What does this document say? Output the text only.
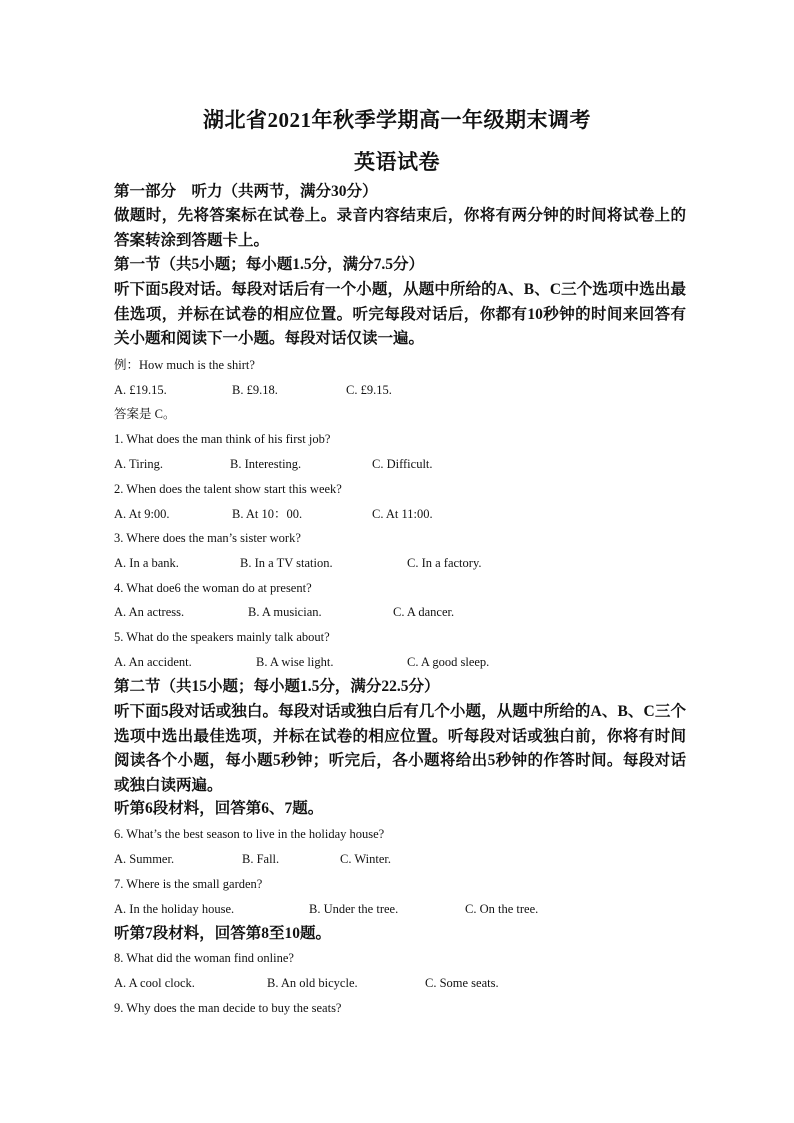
湖北省2021年秋季学期高一年级期末调考
英语试卷
第一部分　听力（共两节，满分30分）
做题时，先将答案标在试卷上。录音内容结束后，你将有两分钟的时间将试卷上的答案转涂到答题卡上。
第一节（共5小题；每小题1.5分，满分7.5分）
听下面5段对话。每段对话后有一个小题，从题中所给的A、B、C三个选项中选出最佳选项，并标在试卷的相应位置。听完每段对话后，你都有10秒钟的时间来回答有关小题和阅读下一小题。每段对话仅读一遍。
例：How much is the shirt?
A. £19.15.	B. £9.18.	C. £9.15.
答案是 C。
1. What does the man think of his first job?
A. Tiring.	B. Interesting.	C. Difficult.
2. When does the talent show start this week?
A. At 9:00.	B. At 10：00.	C. At 11:00.
3. Where does the man’s sister work?
A. In a bank.	B. In a TV station.	C. In a factory.
4. What doe6 the woman do at present?
A. An actress.	B. A musician.	C. A dancer.
5. What do the speakers mainly talk about?
A. An accident.	B. A wise light.	C. A good sleep.
第二节（共15小题；每小题1.5分，满分22.5分）
听下面5段对话或独白。每段对话或独白后有几个小题，从题中所给的A、B、C三个选项中选出最佳选项，并标在试卷的相应位置。听每段对话或独白前，你将有时间阅读各个小题，每小题5秒钟；听完后，各小题将给出5秒钟的作答时间。每段对话或独白读两遍。
听第6段材料，回答第6、7题。
6. What’s the best season to live in the holiday house?
A. Summer.	B. Fall.	C. Winter.
7. Where is the small garden?
A. In the holiday house.	B. Under the tree.	C. On the tree.
听第7段材料，回答第8至10题。
8. What did the woman find online?
A. A cool clock.	B. An old bicycle.	C. Some seats.
9. Why does the man decide to buy the seats?
